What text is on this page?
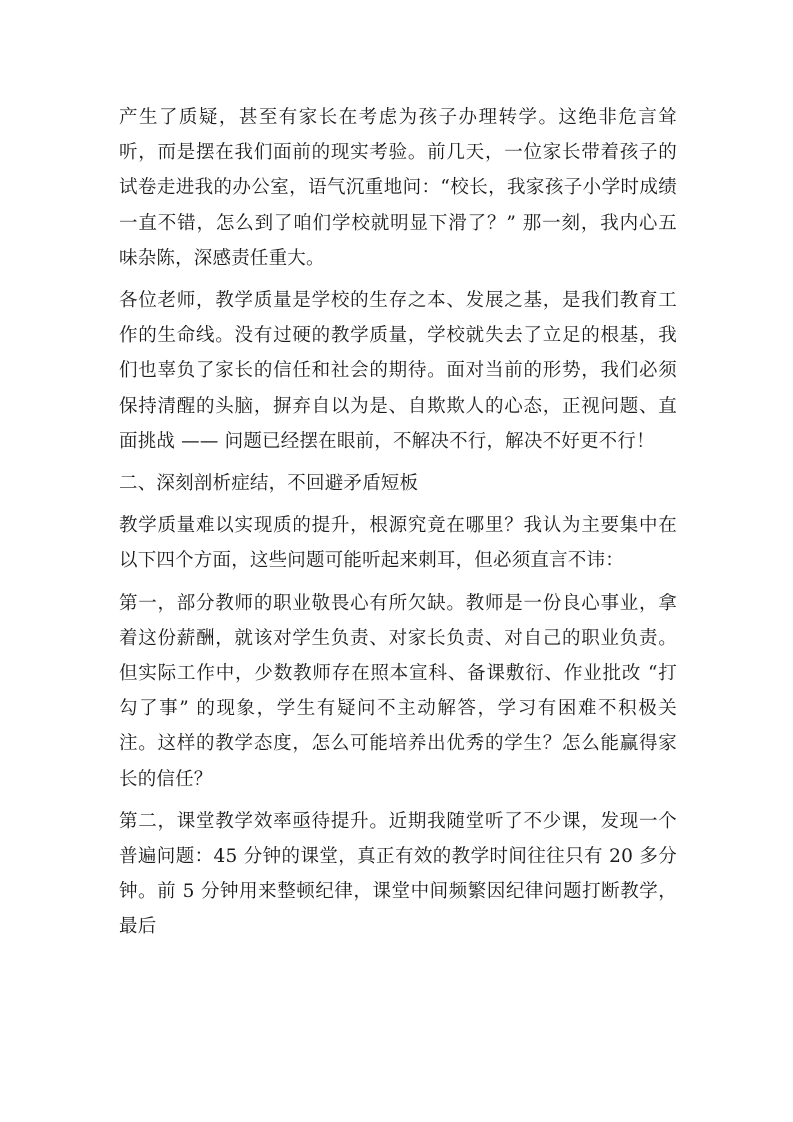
产生了质疑，甚至有家长在考虑为孩子办理转学。这绝非危言耸听，而是摆在我们面前的现实考验。前几天，一位家长带着孩子的试卷走进我的办公室，语气沉重地问：“校长，我家孩子小学时成绩一直不错，怎么到了咱们学校就明显下滑了？” 那一刻，我内心五味杂陈，深感责任重大。

各位老师，教学质量是学校的生存之本、发展之基，是我们教育工作的生命线。没有过硬的教学质量，学校就失去了立足的根基，我们也辜负了家长的信任和社会的期待。面对当前的形势，我们必须保持清醒的头脑，摒弃自以为是、自欺欺人的心态，正视问题、直面挑战 —— 问题已经摆在眼前，不解决不行，解决不好更不行！

二、深刻剖析症结，不回避矛盾短板

教学质量难以实现质的提升，根源究竟在哪里？我认为主要集中在以下四个方面，这些问题可能听起来刺耳，但必须直言不讳：

第一，部分教师的职业敬畏心有所欠缺。教师是一份良心事业，拿着这份薪酬，就该对学生负责、对家长负责、对自己的职业负责。但实际工作中，少数教师存在照本宣科、备课敷衍、作业批改 “打勾了事” 的现象，学生有疑问不主动解答，学习有困难不积极关注。这样的教学态度，怎么可能培养出优秀的学生？怎么能赢得家长的信任？

第二，课堂教学效率亟待提升。近期我随堂听了不少课，发现一个普遍问题：45 分钟的课堂，真正有效的教学时间往往只有 20 多分钟。前 5 分钟用来整顿纪律，课堂中间频繁因纪律问题打断教学，最后
